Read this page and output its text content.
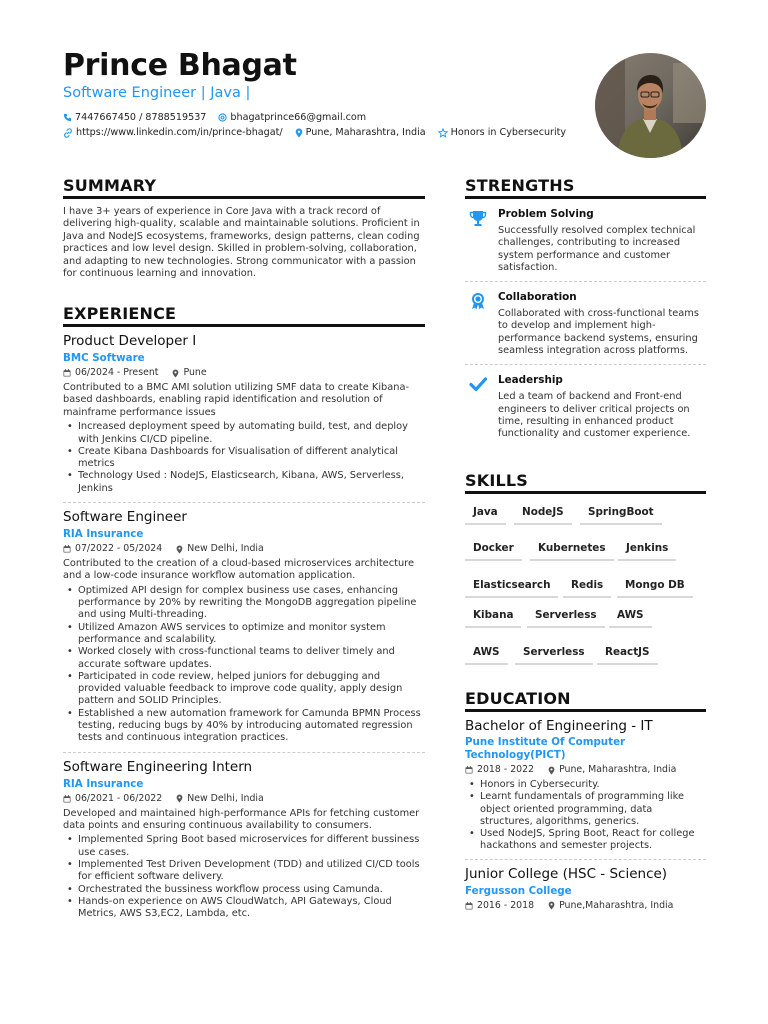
Prince Bhagat
Software Engineer | Java |
7447667450 / 8788519537	bhagatprince66@gmail.com
https://www.linkedin.com/in/prince-bhagat/ Pune, Maharashtra, India	Honors in Cybersecurity
SUMMARY
I have 3+ years of experience in Core Java with a track record of delivering high-quality, scalable and maintainable solutions. Proficient in Java and NodeJS ecosystems, frameworks, design patterns, clean coding practices and low level design. Skilled in problem-solving, collaboration, and adapting to new technologies. Strong communicator with a passion for continuous learning and innovation.
EXPERIENCE
Product Developer I
BMC Software
06/2024 - Present	Pune
Contributed to a BMC AMI solution utilizing SMF data to create Kibana-based dashboards, enabling rapid identification and resolution of mainframe performance issues
• Increased deployment speed by automating build, test, and deploy with Jenkins CI/CD pipeline.
• Create Kibana Dashboards for Visualisation of different analytical metrics
• Technology Used : NodeJS, Elasticsearch, Kibana, AWS, Serverless, Jenkins
Software Engineer
RIA Insurance
07/2022 - 05/2024	New Delhi, India
Contributed to the creation of a cloud-based microservices architecture and a low-code insurance workflow automation application.
• Optimized API design for complex business use cases, enhancing performance by 20% by rewriting the MongoDB aggregation pipeline and using Multi-threading.
• Utilized Amazon AWS services to optimize and monitor system performance and scalability.
• Worked closely with cross-functional teams to deliver timely and accurate software updates.
• Participated in code review, helped juniors for debugging and provided valuable feedback to improve code quality, apply design pattern and SOLID Principles.
• Established a new automation framework for Camunda BPMN Process testing, reducing bugs by 40% by introducing automated regression tests and continuous integration practices.
Software Engineering Intern
RIA Insurance
06/2021 - 06/2022	New Delhi, India
Developed and maintained high-performance APIs for fetching customer data points and ensuring continuous availability to consumers.
• Implemented Spring Boot based microservices for different bussiness use cases.
• Implemented Test Driven Development (TDD) and utilized CI/CD tools for efficient software delivery.
• Orchestrated the bussiness workflow process using Camunda.
• Hands-on experience on AWS CloudWatch, API Gateways, Cloud Metrics, AWS S3,EC2, Lambda, etc.
STRENGTHS
Problem Solving
Successfully resolved complex technical challenges, contributing to increased system performance and customer satisfaction.
Collaboration
Collaborated with cross-functional teams to develop and implement high-performance backend systems, ensuring seamless integration across platforms.
Leadership
Led a team of backend and Front-end engineers to deliver critical projects on time, resulting in enhanced product functionality and customer experience.
SKILLS
Java	NodeJS	SpringBoot
Docker	Kubernetes	Jenkins
Elasticsearch	Redis	Mongo DB
Kibana	Serverless	AWS
AWS	Serverless	ReactJS
EDUCATION
Bachelor of Engineering - IT
Pune Institute Of Computer Technology(PICT)
2018 - 2022	Pune, Maharashtra, India
• Honors in Cybersecurity.
• Learnt fundamentals of programming like object oriented programming, data structures, algorithms, generics.
• Used NodeJS, Spring Boot, React for college hackathons and semester projects.
Junior College (HSC - Science)
Fergusson College
2016 - 2018	Pune,Maharashtra, India
